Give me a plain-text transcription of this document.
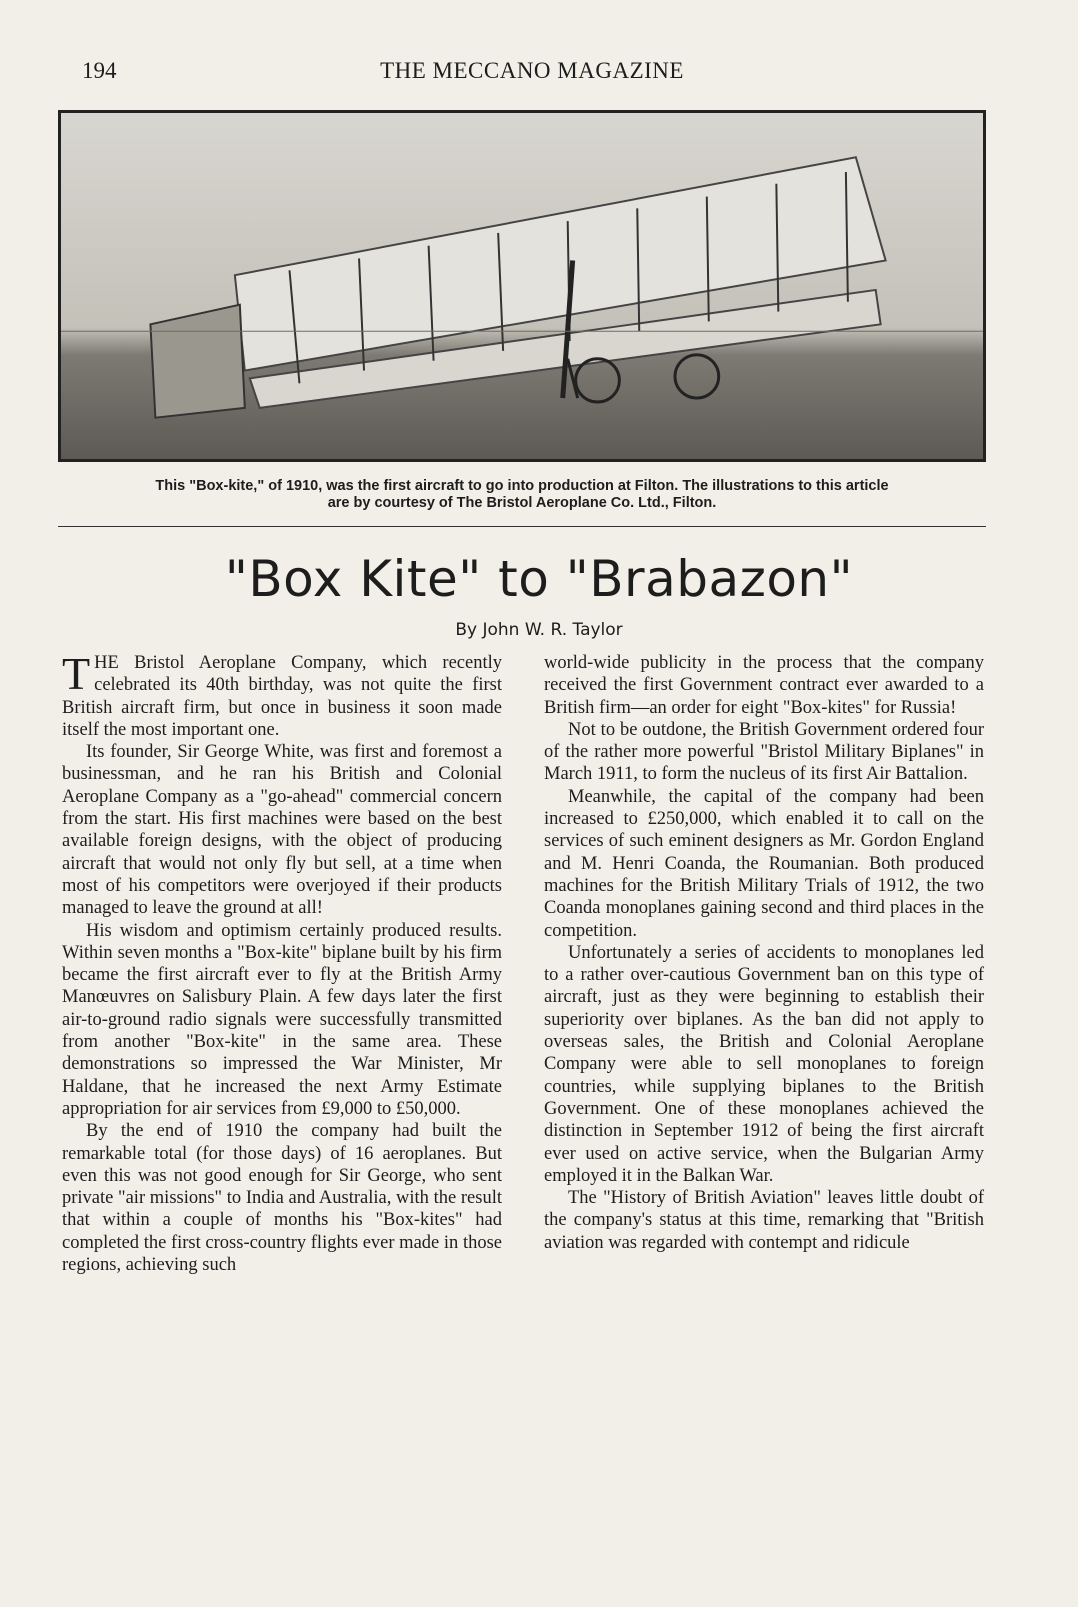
194	THE MECCANO MAGAZINE
This "Box-kite," of 1910, was the first aircraft to go into production at Filton. The illustrations to this article
are by courtesy of The Bristol Aeroplane Co. Ltd., Filton.
"Box Kite" to "Brabazon"
By John W. R. Taylor

THE Bristol Aeroplane Company, which recently celebrated its 40th birthday, was not quite the first British aircraft firm, but once in business it soon made itself the most important one.

Its founder, Sir George White, was first and foremost a businessman, and he ran his British and Colonial Aeroplane Company as a "go-ahead" commercial concern from the start. His first machines were based on the best available foreign designs, with the object of producing aircraft that would not only fly but sell, at a time when most of his competitors were overjoyed if their products managed to leave the ground at all!

His wisdom and optimism certainly produced results. Within seven months a "Box-kite" biplane built by his firm became the first aircraft ever to fly at the British Army Manœuvres on Salisbury Plain. A few days later the first air-to-ground radio signals were successfully transmitted from another "Box-kite" in the same area. These demonstrations so impressed the War Minister, Mr Haldane, that he increased the next Army Estimate appropriation for air services from £9,000 to £50,000.

By the end of 1910 the company had built the remarkable total (for those days) of 16 aeroplanes. But even this was not good enough for Sir George, who sent private "air missions" to India and Australia, with the result that within a couple of months his "Box-kites" had completed the first cross-country flights ever made in those regions, achieving such

world-wide publicity in the process that the company received the first Government contract ever awarded to a British firm—an order for eight "Box-kites" for Russia!

Not to be outdone, the British Government ordered four of the rather more powerful "Bristol Military Biplanes" in March 1911, to form the nucleus of its first Air Battalion.

Meanwhile, the capital of the company had been increased to £250,000, which enabled it to call on the services of such eminent designers as Mr. Gordon England and M. Henri Coanda, the Roumanian. Both produced machines for the British Military Trials of 1912, the two Coanda monoplanes gaining second and third places in the competition.

Unfortunately a series of accidents to monoplanes led to a rather over-cautious Government ban on this type of aircraft, just as they were beginning to establish their superiority over biplanes. As the ban did not apply to overseas sales, the British and Colonial Aeroplane Company were able to sell monoplanes to foreign countries, while supplying biplanes to the British Government. One of these monoplanes achieved the distinction in September 1912 of being the first aircraft ever used on active service, when the Bulgarian Army employed it in the Balkan War.

The "History of British Aviation" leaves little doubt of the company's status at this time, remarking that "British aviation was regarded with contempt and ridicule
